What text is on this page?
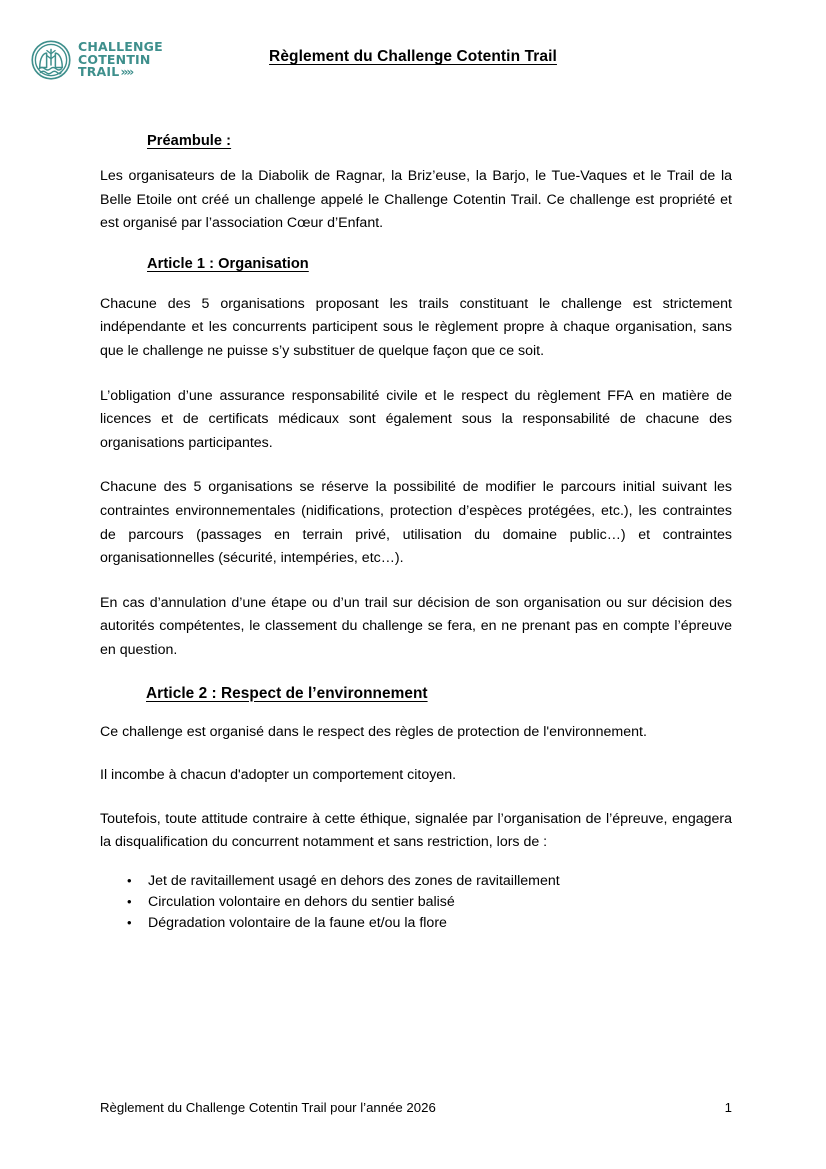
CHALLENGE
COTENTIN
TRAIL ››››
Règlement du Challenge Cotentin Trail
Préambule :

Les organisateurs de la Diabolik de Ragnar, la Briz’euse, la Barjo, le Tue-Vaques et le Trail de la Belle Etoile ont créé un challenge appelé le Challenge Cotentin Trail. Ce challenge est propriété et est organisé par l’association Cœur d’Enfant.

Article 1 : Organisation

Chacune des 5 organisations proposant les trails constituant le challenge est strictement indépendante et les concurrents participent sous le règlement propre à chaque organisation, sans que le challenge ne puisse s’y substituer de quelque façon que ce soit.

L’obligation d’une assurance responsabilité civile et le respect du règlement FFA en matière de licences et de certificats médicaux sont également sous la responsabilité de chacune des organisations participantes.

Chacune des 5 organisations se réserve la possibilité de modifier le parcours initial suivant les contraintes environnementales (nidifications, protection d’espèces protégées, etc.), les contraintes de parcours (passages en terrain privé, utilisation du domaine public…) et contraintes organisationnelles (sécurité, intempéries, etc…).

En cas d’annulation d’une étape ou d’un trail sur décision de son organisation ou sur décision des autorités compétentes, le classement du challenge se fera, en ne prenant pas en compte l’épreuve en question.

Article 2 : Respect de l’environnement

Ce challenge est organisé dans le respect des règles de protection de l'environnement.

Il incombe à chacun d'adopter un comportement citoyen.

Toutefois, toute attitude contraire à cette éthique, signalée par l’organisation de l’épreuve, engagera la disqualification du concurrent notamment et sans restriction, lors de :

• Jet de ravitaillement usagé en dehors des zones de ravitaillement
• Circulation volontaire en dehors du sentier balisé
• Dégradation volontaire de la faune et/ou la flore
Règlement du Challenge Cotentin Trail pour l’année 2026	1
